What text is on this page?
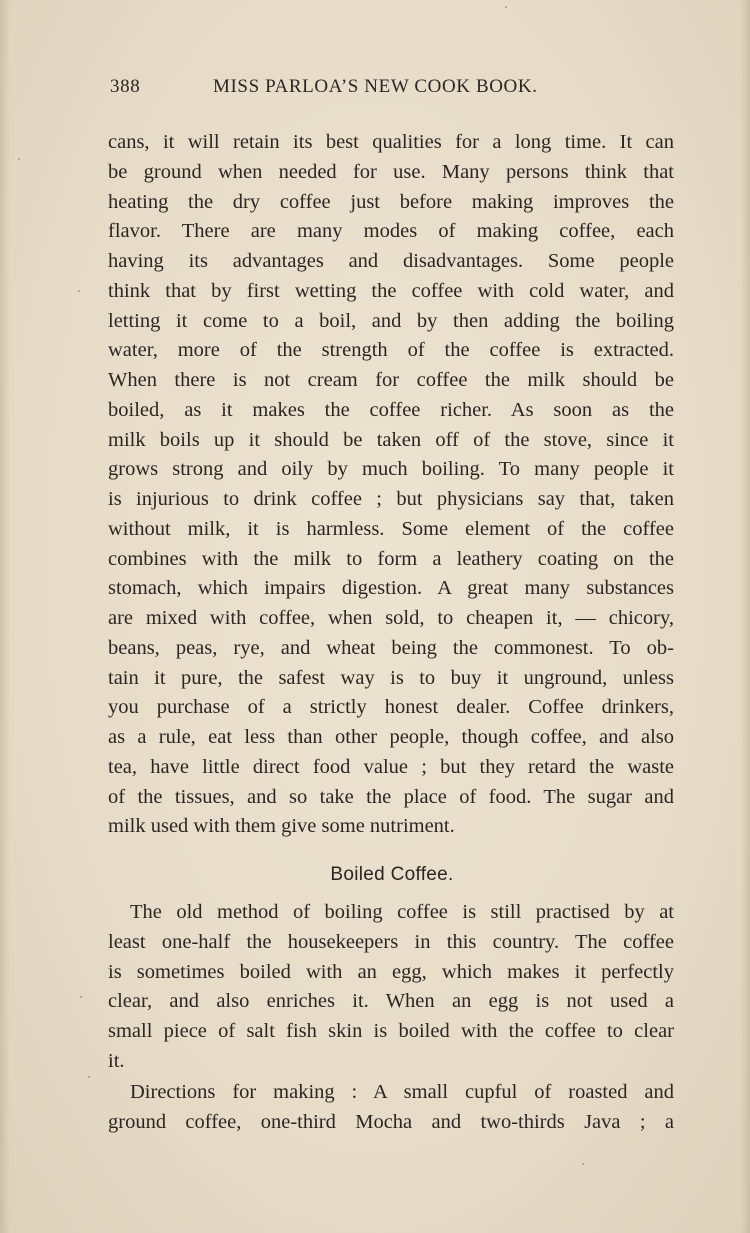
388	MISS PARLOA’S NEW COOK BOOK.
cans, it will retain its best qualities for a long time. It can
be ground when needed for use. Many persons think that
heating the dry coffee just before making improves the
flavor. There are many modes of making coffee, each
having its advantages and disadvantages. Some people
think that by first wetting the coffee with cold water, and
letting it come to a boil, and by then adding the boiling
water, more of the strength of the coffee is extracted.
When there is not cream for coffee the milk should be
boiled, as it makes the coffee richer. As soon as the
milk boils up it should be taken off of the stove, since it
grows strong and oily by much boiling. To many people it
is injurious to drink coffee ; but physicians say that, taken
without milk, it is harmless. Some element of the coffee
combines with the milk to form a leathery coating on the
stomach, which impairs digestion. A great many substances
are mixed with coffee, when sold, to cheapen it, — chicory,
beans, peas, rye, and wheat being the commonest. To ob-
tain it pure, the safest way is to buy it unground, unless
you purchase of a strictly honest dealer. Coffee drinkers,
as a rule, eat less than other people, though coffee, and also
tea, have little direct food value ; but they retard the waste
of the tissues, and so take the place of food. The sugar and
milk used with them give some nutriment.
Boiled Coffee.
The old method of boiling coffee is still practised by at
least one-half the housekeepers in this country. The coffee
is sometimes boiled with an egg, which makes it perfectly
clear, and also enriches it. When an egg is not used a
small piece of salt fish skin is boiled with the coffee to clear
it.
Directions for making : A small cupful of roasted and
ground coffee, one-third Mocha and two-thirds Java ; a
